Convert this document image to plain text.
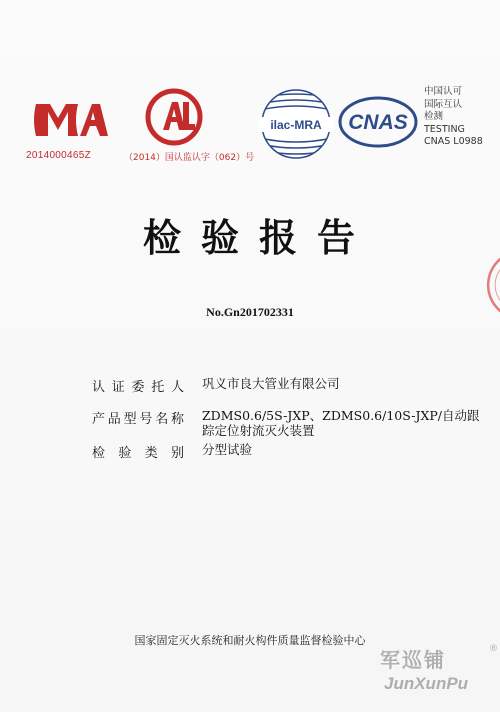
2014000465Z	（2014）国认监认字（062）号
ilac-MRA CNAS
中国认可
国际互认
检测
TESTING
CNAS L0988
检验报告
No.Gn201702331
认 证 委 托 人 巩义市良大管业有限公司
产 品 型 号 名 称 ZDMS0.6/5S-JXP、ZDMS0.6/10S-JXP/自动跟踪定位射流灭火装置
检 验 类 别 分型试验
国家固定灭火系统和耐火构件质量监督检验中心
军巡铺	®
JunXunPu
